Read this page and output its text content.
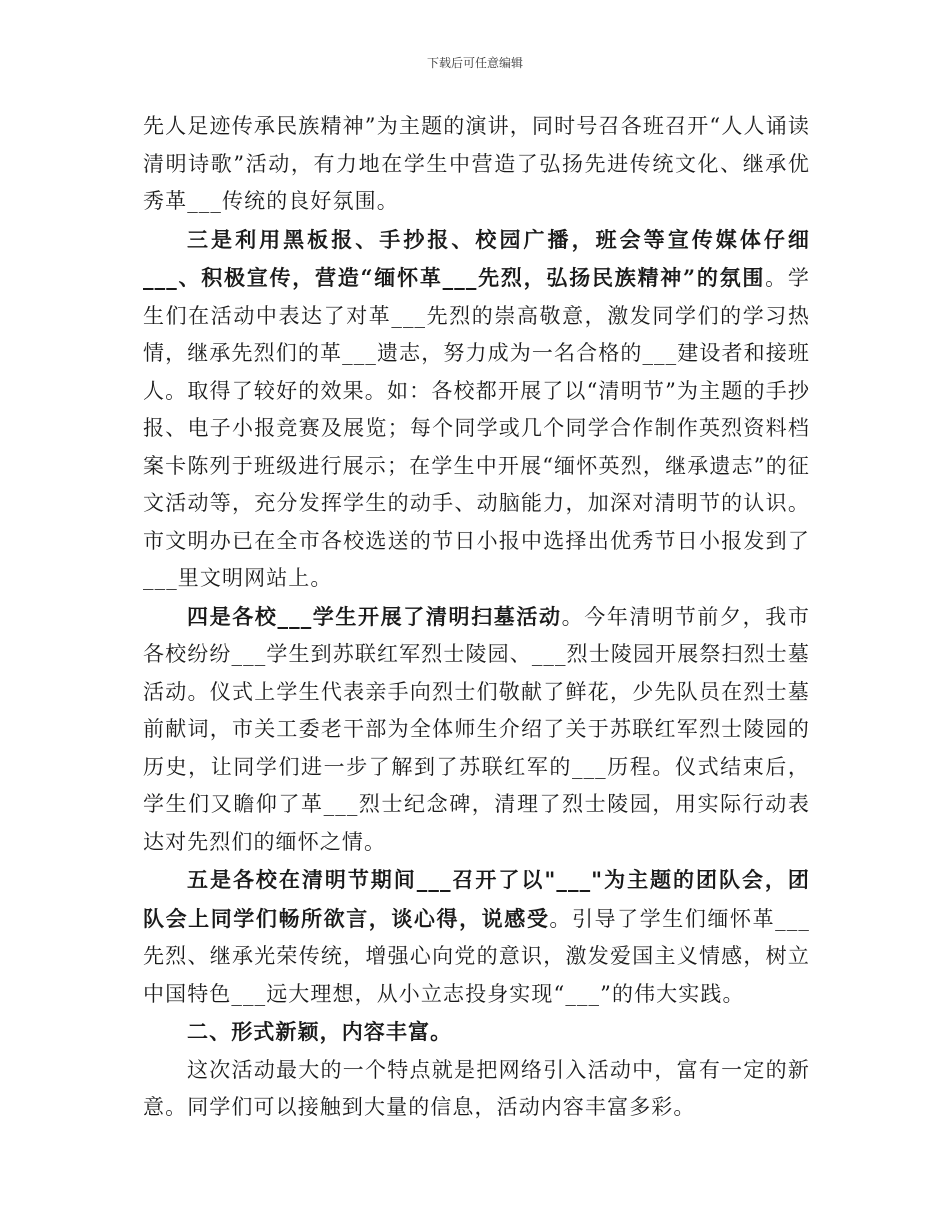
下载后可任意编辑

先人足迹传承民族精神”为主题的演讲，同时号召各班召开“人人诵读清明诗歌”活动，有力地在学生中营造了弘扬先进传统文化、继承优秀革___传统的良好氛围。

三是利用黑板报、手抄报、校园广播，班会等宣传媒体仔细___、积极宣传，营造“缅怀革___先烈，弘扬民族精神”的氛围。学生们在活动中表达了对革___先烈的崇高敬意，激发同学们的学习热情，继承先烈们的革___遗志，努力成为一名合格的___建设者和接班人。取得了较好的效果。如：各校都开展了以“清明节”为主题的手抄报、电子小报竞赛及展览；每个同学或几个同学合作制作英烈资料档案卡陈列于班级进行展示；在学生中开展“缅怀英烈，继承遗志”的征文活动等，充分发挥学生的动手、动脑能力，加深对清明节的认识。市文明办已在全市各校选送的节日小报中选择出优秀节日小报发到了___里文明网站上。

四是各校___学生开展了清明扫墓活动。今年清明节前夕，我市各校纷纷___学生到苏联红军烈士陵园、___烈士陵园开展祭扫烈士墓活动。仪式上学生代表亲手向烈士们敬献了鲜花，少先队员在烈士墓前献词，市关工委老干部为全体师生介绍了关于苏联红军烈士陵园的历史，让同学们进一步了解到了苏联红军的___历程。仪式结束后，学生们又瞻仰了革___烈士纪念碑，清理了烈士陵园，用实际行动表达对先烈们的缅怀之情。

五是各校在清明节期间___召开了以"___"为主题的团队会，团队会上同学们畅所欲言，谈心得，说感受。引导了学生们缅怀革___先烈、继承光荣传统，增强心向党的意识，激发爱国主义情感，树立中国特色___远大理想，从小立志投身实现“___”的伟大实践。

二、形式新颖，内容丰富。

这次活动最大的一个特点就是把网络引入活动中，富有一定的新意。同学们可以接触到大量的信息，活动内容丰富多彩。
